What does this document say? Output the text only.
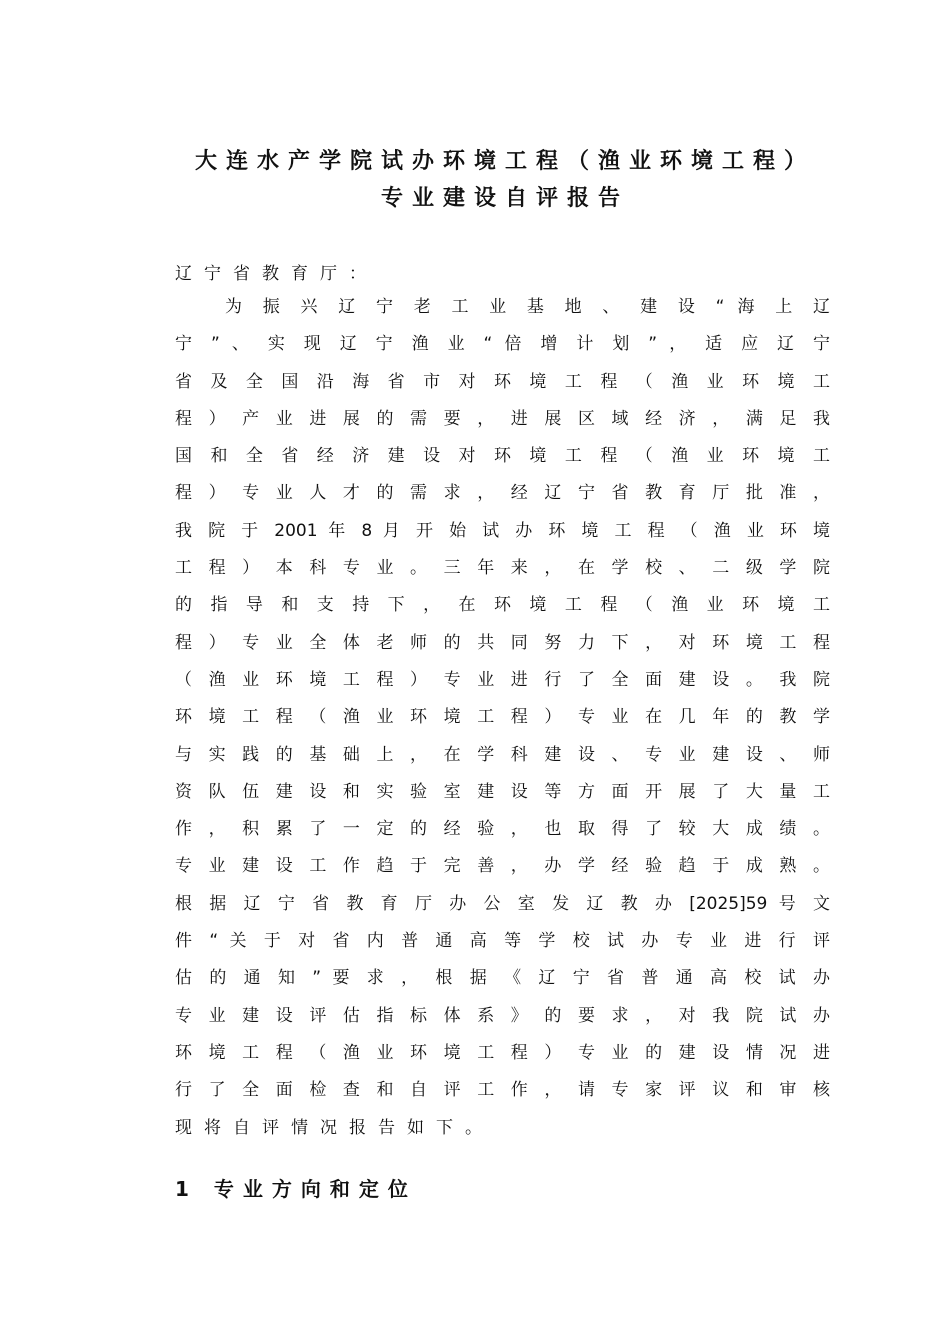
大连水产学院试办环境工程（渔业环境工程）
专业建设自评报告

辽宁省教育厅：

为 振 兴 辽 宁 老 工 业 基 地 、 建 设 “ 海 上 辽
宁 ” 、 实 现 辽 宁 渔 业 “ 倍 增 计 划 ” ， 适 应 辽 宁
省 及 全 国 沿 海 省 市 对 环 境 工 程 （ 渔 业 环 境 工
程 ） 产 业 进 展 的 需 要 ， 进 展 区 域 经 济 ， 满 足 我
国 和 全 省 经 济 建 设 对 环 境 工 程 （ 渔 业 环 境 工
程 ） 专 业 人 才 的 需 求 ， 经 辽 宁 省 教 育 厅 批 准 ，
我 院 于 2001 年 8 月 开 始 试 办 环 境 工 程 （ 渔 业 环 境
工 程 ） 本 科 专 业 。 三 年 来 ， 在 学 校 、 二 级 学 院
的 指 导 和 支 持 下 ， 在 环 境 工 程 （ 渔 业 环 境 工
程 ） 专 业 全 体 老 师 的 共 同 努 力 下 ， 对 环 境 工 程
（ 渔 业 环 境 工 程 ） 专 业 进 行 了 全 面 建 设 。 我 院
环 境 工 程 （ 渔 业 环 境 工 程 ） 专 业 在 几 年 的 教 学
与 实 践 的 基 础 上 ， 在 学 科 建 设 、 专 业 建 设 、 师
资 队 伍 建 设 和 实 验 室 建 设 等 方 面 开 展 了 大 量 工
作 ， 积 累 了 一 定 的 经 验 ， 也 取 得 了 较 大 成 绩 。
专 业 建 设 工 作 趋 于 完 善 ， 办 学 经 验 趋 于 成 熟 。
根 据 辽 宁 省 教 育 厅 办 公 室 发 辽 教 办 [2025]59 号 文
件 “ 关 于 对 省 内 普 通 高 等 学 校 试 办 专 业 进 行 评
估 的 通 知 ” 要 求 ， 根 据 《 辽 宁 省 普 通 高 校 试 办
专 业 建 设 评 估 指 标 体 系 》 的 要 求 ， 对 我 院 试 办
环 境 工 程 （ 渔 业 环 境 工 程 ） 专 业 的 建 设 情 况 进
行 了 全 面 检 查 和 自 评 工 作 ， 请 专 家 评 议 和 审 核
现将自评情况报告如下。
1 专业方向和定位
